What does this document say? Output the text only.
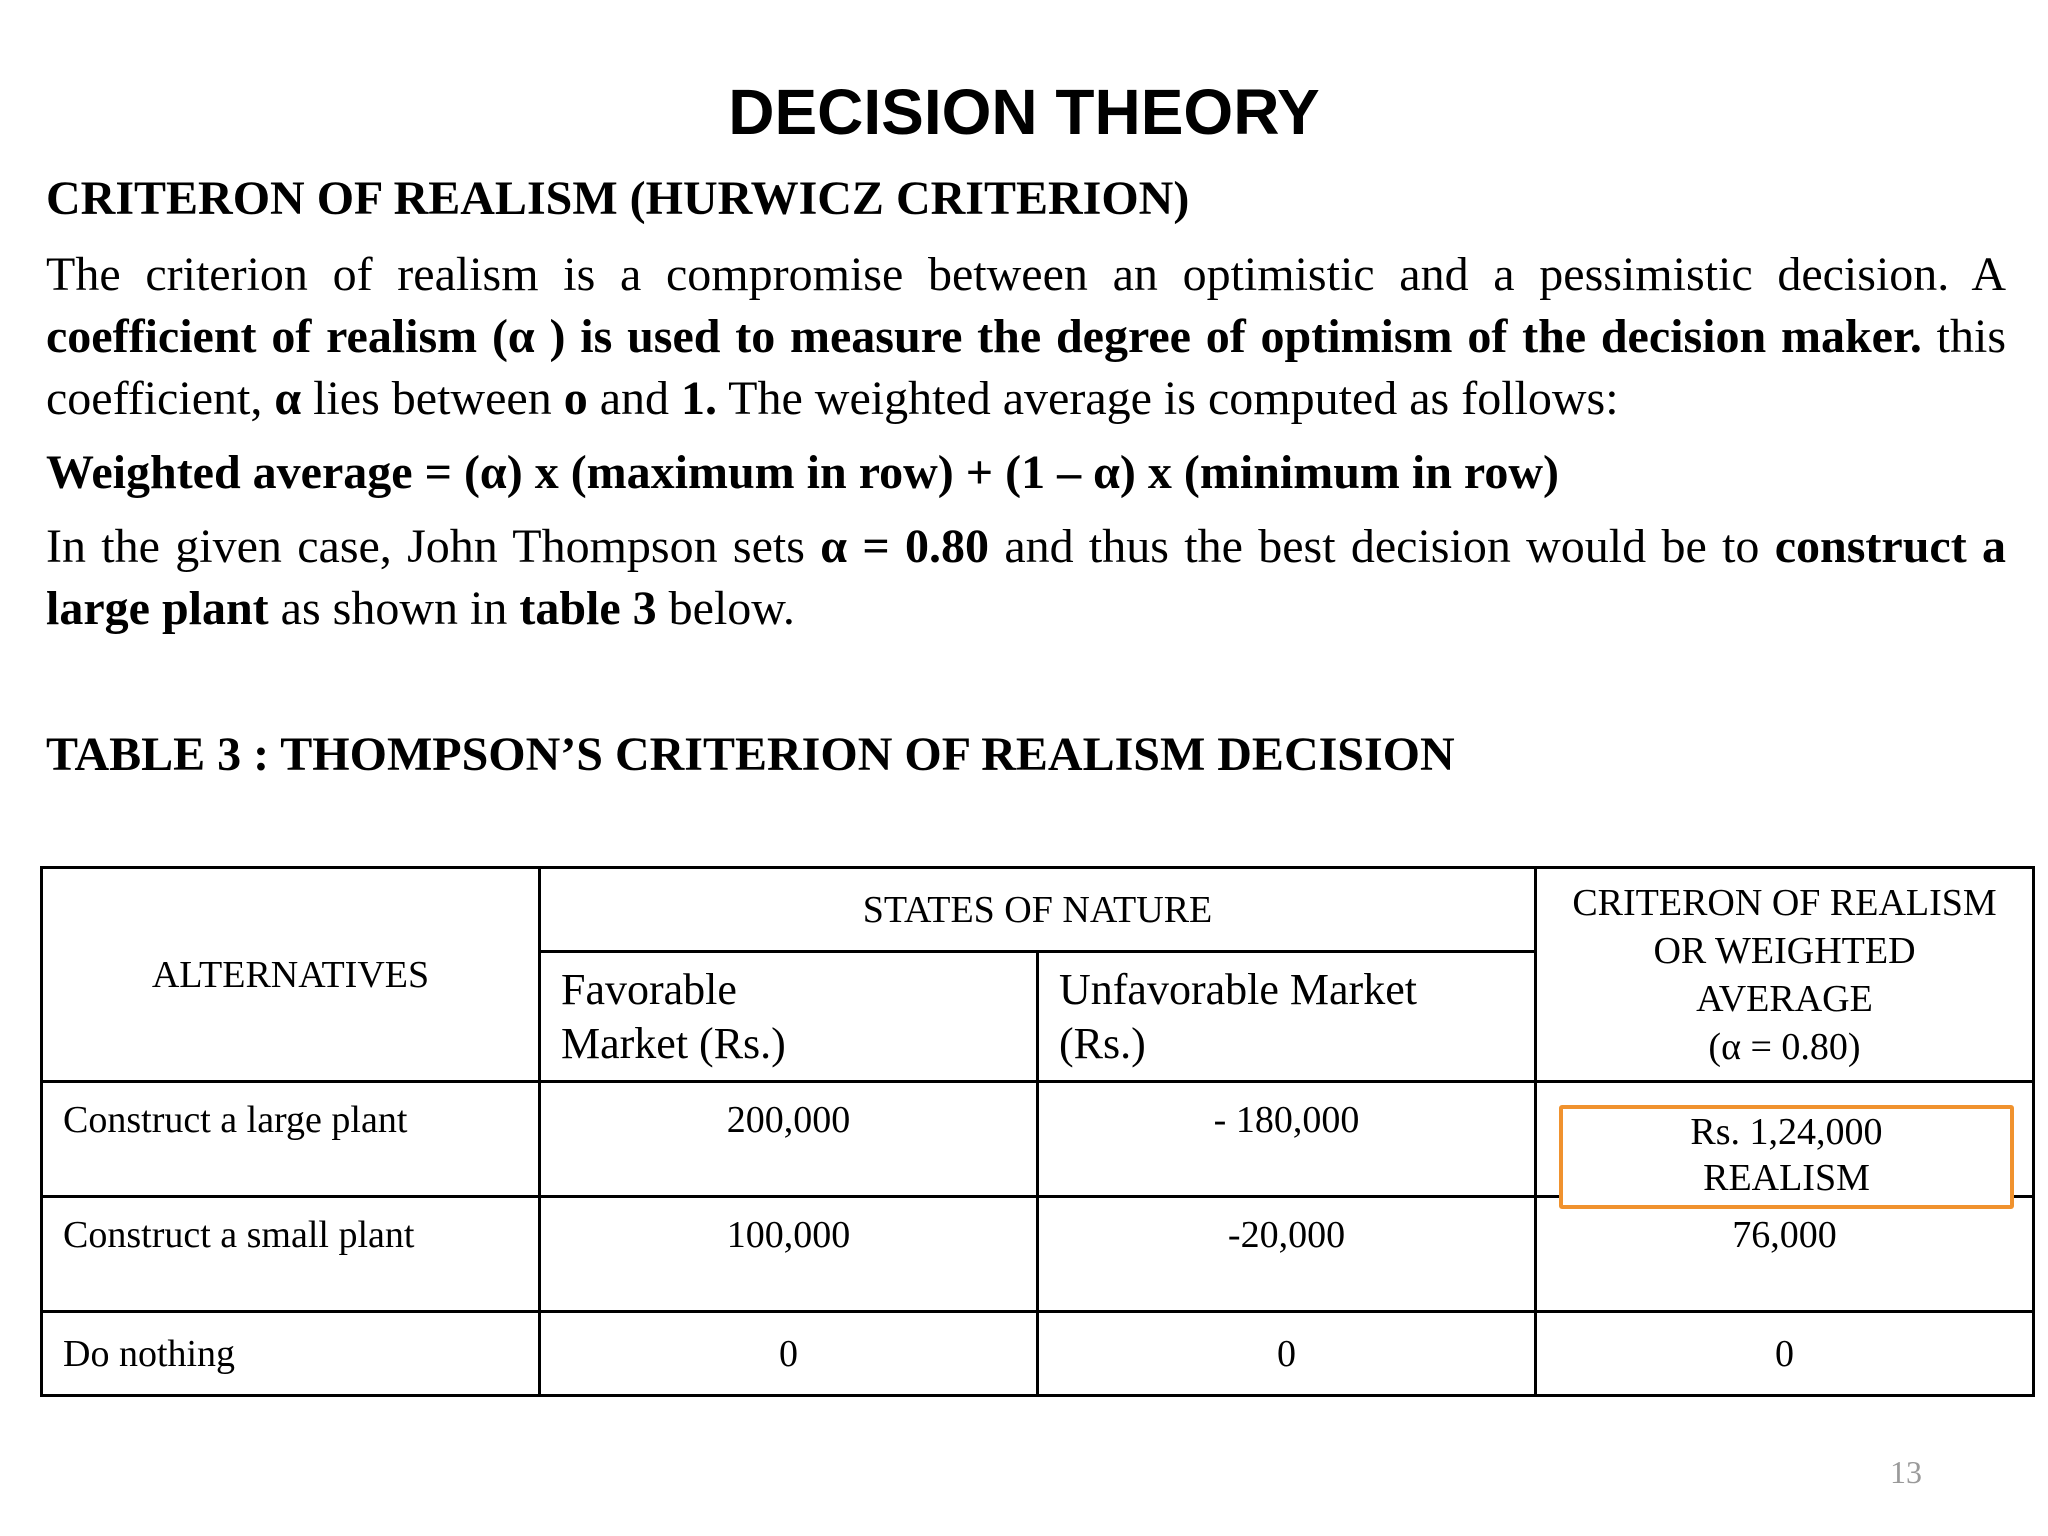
DECISION THEORY
CRITERON OF REALISM (HURWICZ CRITERION)
The criterion of realism is a compromise between an optimistic and a pessimistic decision. A coefficient of realism (α ) is used to measure the degree of optimism of the decision maker. this coefficient, α lies between o and 1. The weighted average is computed as follows:
Weighted average = (α) x (maximum in row) + (1 – α) x (minimum in row)
In the given case, John Thompson sets α = 0.80 and thus the best decision would be to construct a large plant as shown in table 3 below.
TABLE 3 : THOMPSON’S CRITERION OF REALISM DECISION
ALTERNATIVES	STATES OF NATURE		CRITERON OF REALISM
OR WEIGHTED
AVERAGE
(α = 0.80)
	Favorable
Market (Rs.)	Unfavorable Market
(Rs.)	
Construct a large plant	200,000	- 180,000	Rs. 1,24,000
REALISM

Construct a small plant	100,000	-20,000	76,000
Do nothing	0	0	0
13
